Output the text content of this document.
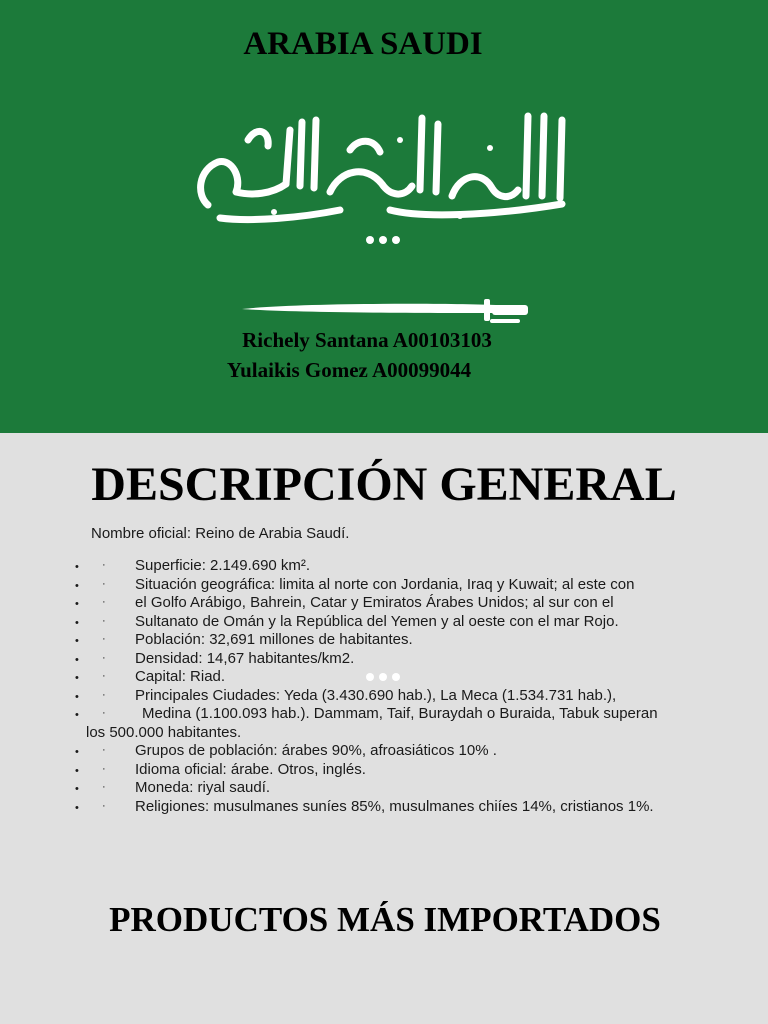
ARABIA SAUDI
Richely Santana A00103103
Yulaikis Gomez A00099044
DESCRIPCIÓN GENERAL
Nombre oficial: Reino de Arabia Saudí.
• · Superficie: 2.149.690 km².
• · Situación geográfica: limita al norte con Jordania, Iraq y Kuwait; al este con
• · el Golfo Arábigo, Bahrein, Catar y Emiratos Árabes Unidos; al sur con el
• · Sultanato de Omán y la República del Yemen y al oeste con el mar Rojo.
• · Población: 32,691 millones de habitantes.
• · Densidad: 14,67 habitantes/km2.
• · Capital: Riad.
• · Principales Ciudades: Yeda (3.430.690 hab.), La Meca (1.534.731 hab.),
• · Medina (1.100.093 hab.). Dammam, Taif, Buraydah o Buraida, Tabuk superan
los 500.000 habitantes.
• · Grupos de población: árabes 90%, afroasiáticos 10% .
• · Idioma oficial: árabe. Otros, inglés.
• · Moneda: riyal saudí.
• · Religiones: musulmanes suníes 85%, musulmanes chiíes 14%, cristianos 1%.
PRODUCTOS MÁS IMPORTADOS
